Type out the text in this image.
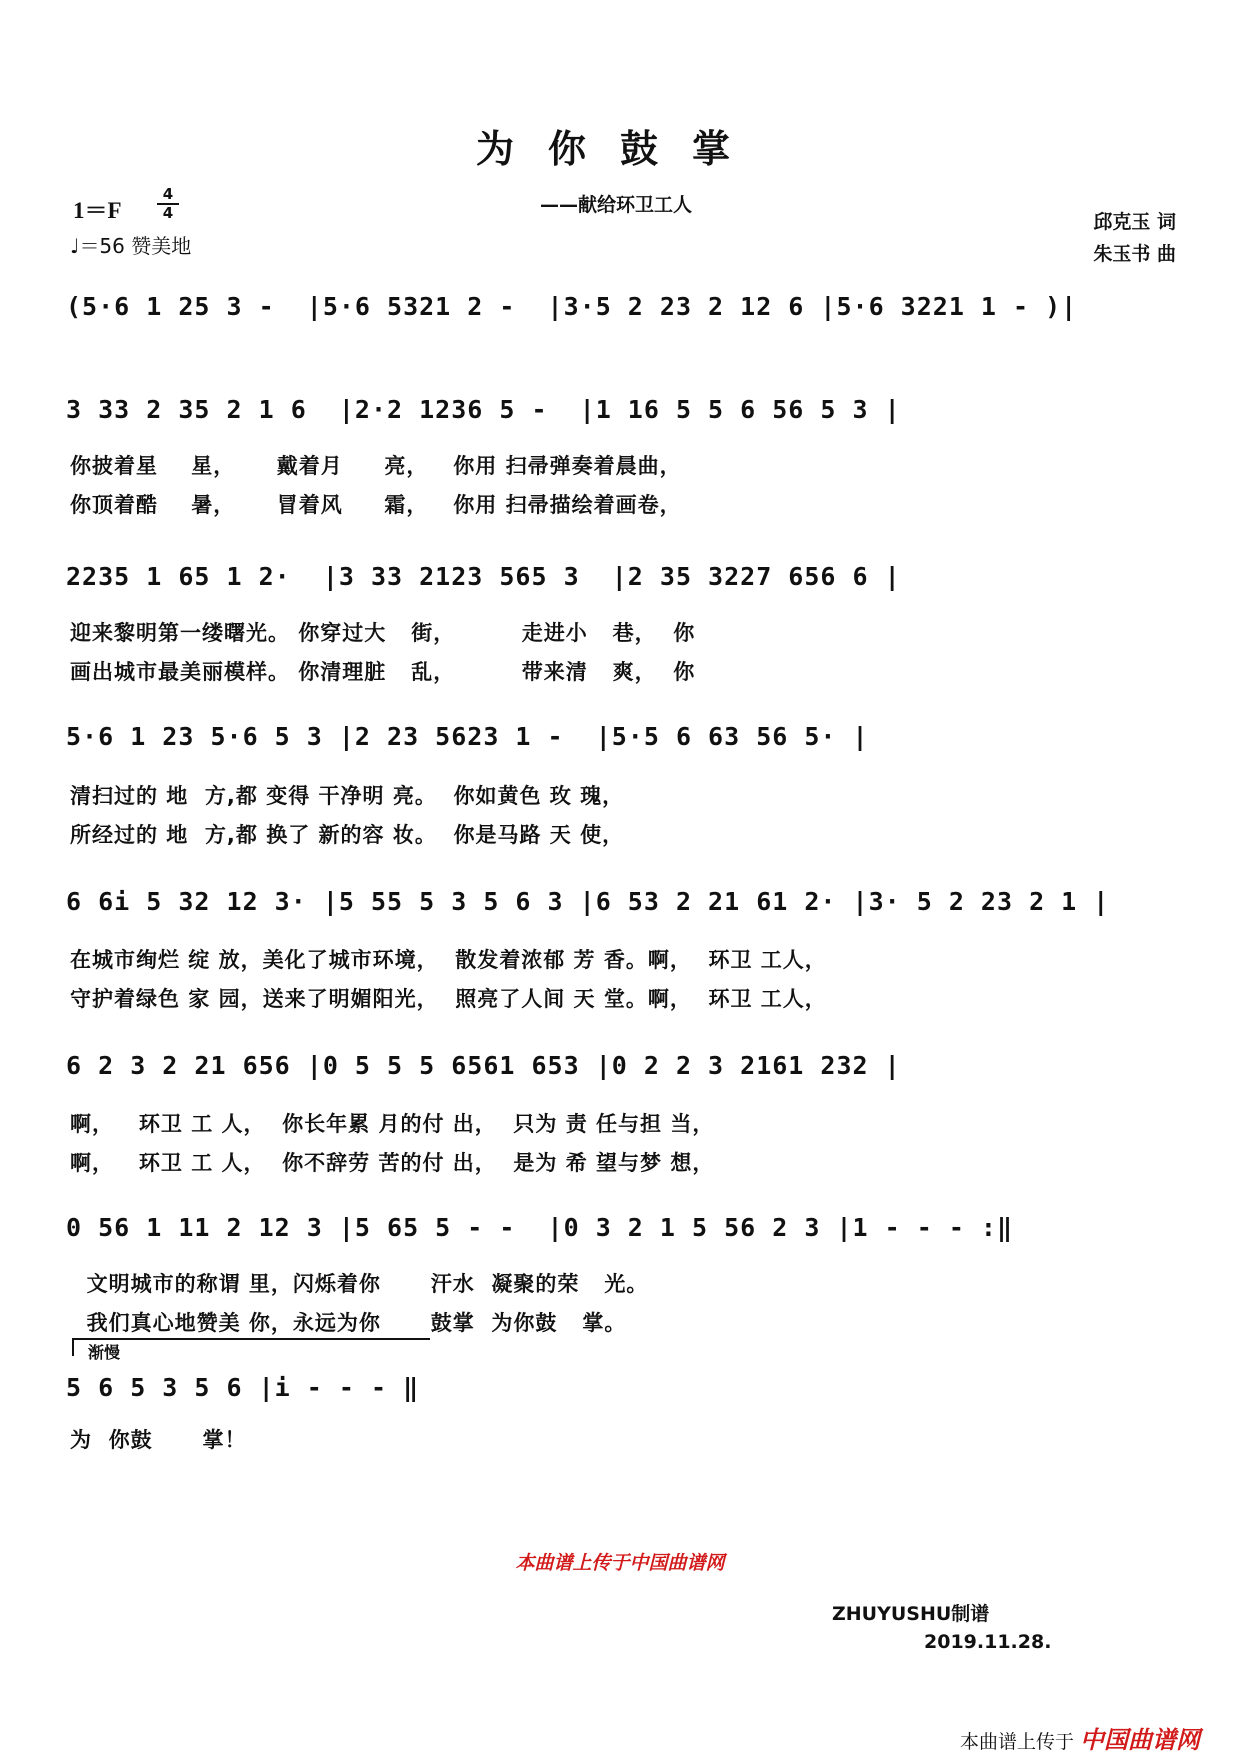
为你鼓掌
——献给环卫工人
1＝F
4
4
♩＝56 赞美地
邱克玉 词
朱玉书 曲
(5·6 1 25 3 -  |5·6 5321 2 -  |3·5 2 23 2 12 6 |5·6 3221 1 - )|
3 33 2 35 2 1 6  |2·2 1236 5 -  |1 16 5 5 6 56 5 3 |
你披着星    星，     戴着月     亮，   你用 扫帚弹奏着晨曲，
你顶着酷    暑，     冒着风     霜，   你用 扫帚描绘着画卷，
2235 1 65 1 2·  |3 33 2123 565 3  |2 35 3227 656 6 |
迎来黎明第一缕曙光。 你穿过大   街，        走进小   巷，  你
画出城市最美丽模样。 你清理脏   乱，        带来清   爽，  你
5·6 1 23 5·6 5 3 |2 23 5623 1 -  |5·5 6 63 56 5· |
清扫过的 地  方,都 变得 干净明 亮。  你如黄色 玫 瑰，
所经过的 地  方,都 换了 新的容 妆。  你是马路 天 使，
6 6i 5 32 12 3· |5 55 5 3 5 6 3 |6 53 2 21 61 2· |3· 5 2 23 2 1 |
在城市绚烂 绽 放，美化了城市环境，  散发着浓郁 芳 香。啊，  环卫 工人，
守护着绿色 家 园，送来了明媚阳光，  照亮了人间 天 堂。啊，  环卫 工人，
6 2 3 2 21 656 |0 5 5 5 6561 653 |0 2 2 3 2161 232 |
啊，   环卫 工 人，  你长年累 月的付 出，  只为 责 任与担 当，
啊，   环卫 工 人，  你不辞劳 苦的付 出，  是为 希 望与梦 想，
0 56 1 11 2 12 3 |5 65 5 - -  |0 3 2 1 5 56 2 3 |1 - - - :‖
文明城市的称谓 里，闪烁着你      汗水  凝聚的荣   光。
我们真心地赞美 你，永远为你      鼓掌  为你鼓   掌。
渐慢
5 6 5 3 5 6 |i - - - ‖
为  你鼓      掌！
本曲谱上传于中国曲谱网
ZHUYUSHU制谱
2019.11.28.
本曲谱上传于 中国曲谱网
